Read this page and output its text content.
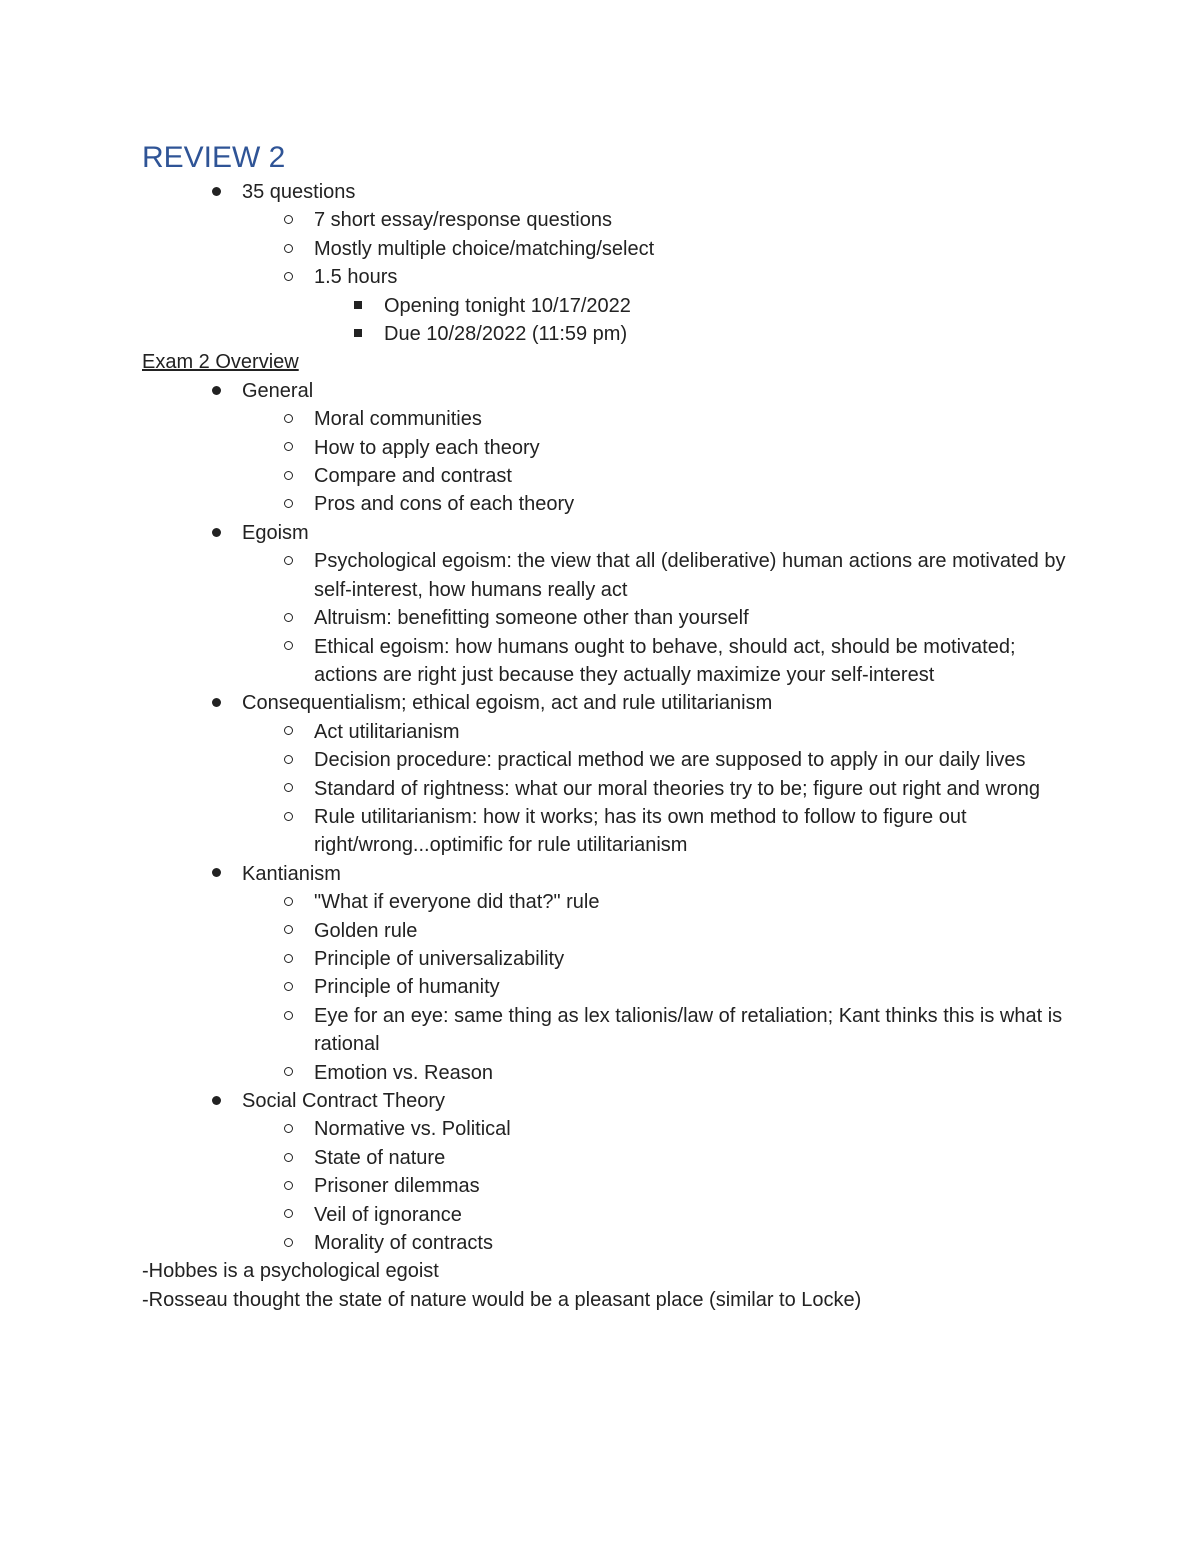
REVIEW 2
35 questions
7 short essay/response questions
Mostly multiple choice/matching/select
1.5 hours
Opening tonight 10/17/2022
Due 10/28/2022 (11:59 pm)
Exam 2 Overview
General
Moral communities
How to apply each theory
Compare and contrast
Pros and cons of each theory
Egoism
Psychological egoism: the view that all (deliberative) human actions are motivated by self-interest, how humans really act
Altruism: benefitting someone other than yourself
Ethical egoism: how humans ought to behave, should act, should be motivated; actions are right just because they actually maximize your self-interest
Consequentialism; ethical egoism, act and rule utilitarianism
Act utilitarianism
Decision procedure: practical method we are supposed to apply in our daily lives
Standard of rightness: what our moral theories try to be; figure out right and wrong
Rule utilitarianism: how it works; has its own method to follow to figure out right/wrong...optimific for rule utilitarianism
Kantianism
"What if everyone did that?" rule
Golden rule
Principle of universalizability
Principle of humanity
Eye for an eye: same thing as lex talionis/law of retaliation; Kant thinks this is what is rational
Emotion vs. Reason
Social Contract Theory
Normative vs. Political
State of nature
Prisoner dilemmas
Veil of ignorance
Morality of contracts
-Hobbes is a psychological egoist
-Rosseau thought the state of nature would be a pleasant place (similar to Locke)
